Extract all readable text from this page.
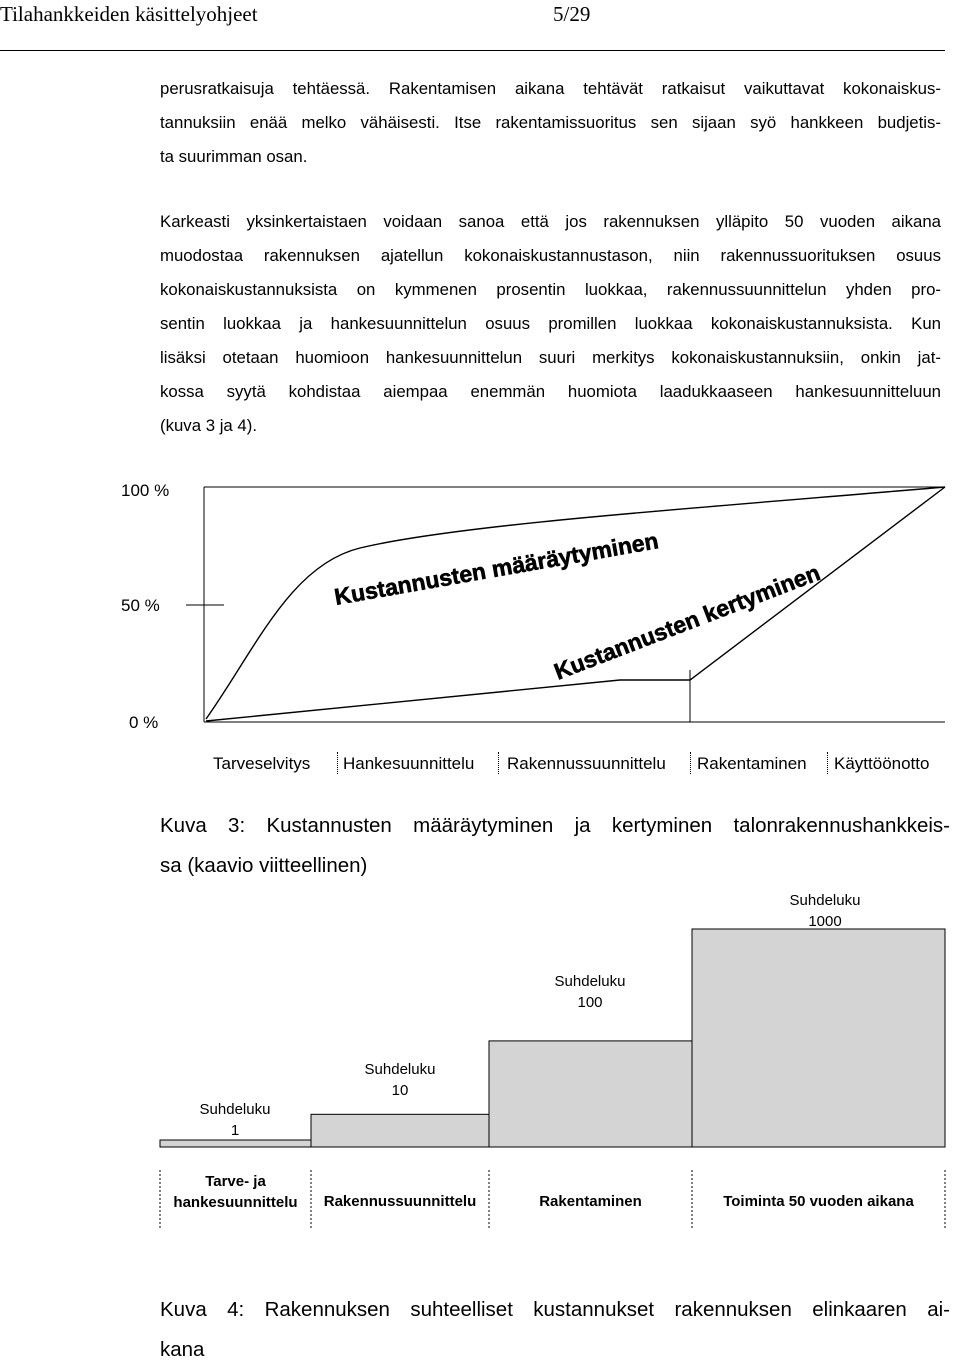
Tilahankkeiden käsittelyohjeet	5/29
perusratkaisuja tehtäessä. Rakentamisen aikana tehtävät ratkaisut vaikuttavat kokonaiskus-
tannuksiin enää melko vähäisesti. Itse rakentamissuoritus sen sijaan syö hankkeen budjetis-
ta suurimman osan.
Karkeasti yksinkertaistaen voidaan sanoa että jos rakennuksen ylläpito 50 vuoden aikana
muodostaa rakennuksen ajatellun kokonaiskustannustason, niin rakennussuorituksen osuus
kokonaiskustannuksista on kymmenen prosentin luokkaa, rakennussuunnittelun yhden pro-
sentin luokkaa ja hankesuunnittelun osuus promillen luokkaa kokonaiskustannuksista. Kun
lisäksi otetaan huomioon hankesuunnittelun suuri merkitys kokonaiskustannuksiin, onkin jat-
kossa syytä kohdistaa aiempaa enemmän huomiota laadukkaaseen hankesuunnitteluun
(kuva 3 ja 4).
Kustannusten määräytyminen
Kustannusten kertyminen
100 %
50 %
0 %
Tarveselvitys Hankesuunnittelu Rakennussuunnittelu Rakentaminen Käyttöönotto
Kuva 3: Kustannusten määräytyminen ja kertyminen talonrakennushankkeis-
sa (kaavio viitteellinen)
Suhdeluku
1
Suhdeluku
10
Suhdeluku
100
Suhdeluku
1000
Tarve- ja
hankesuunnittelu	Rakennussuunnittelu	Rakentaminen	Toiminta 50 vuoden aikana
Kuva 4: Rakennuksen suhteelliset kustannukset rakennuksen elinkaaren ai-
kana
